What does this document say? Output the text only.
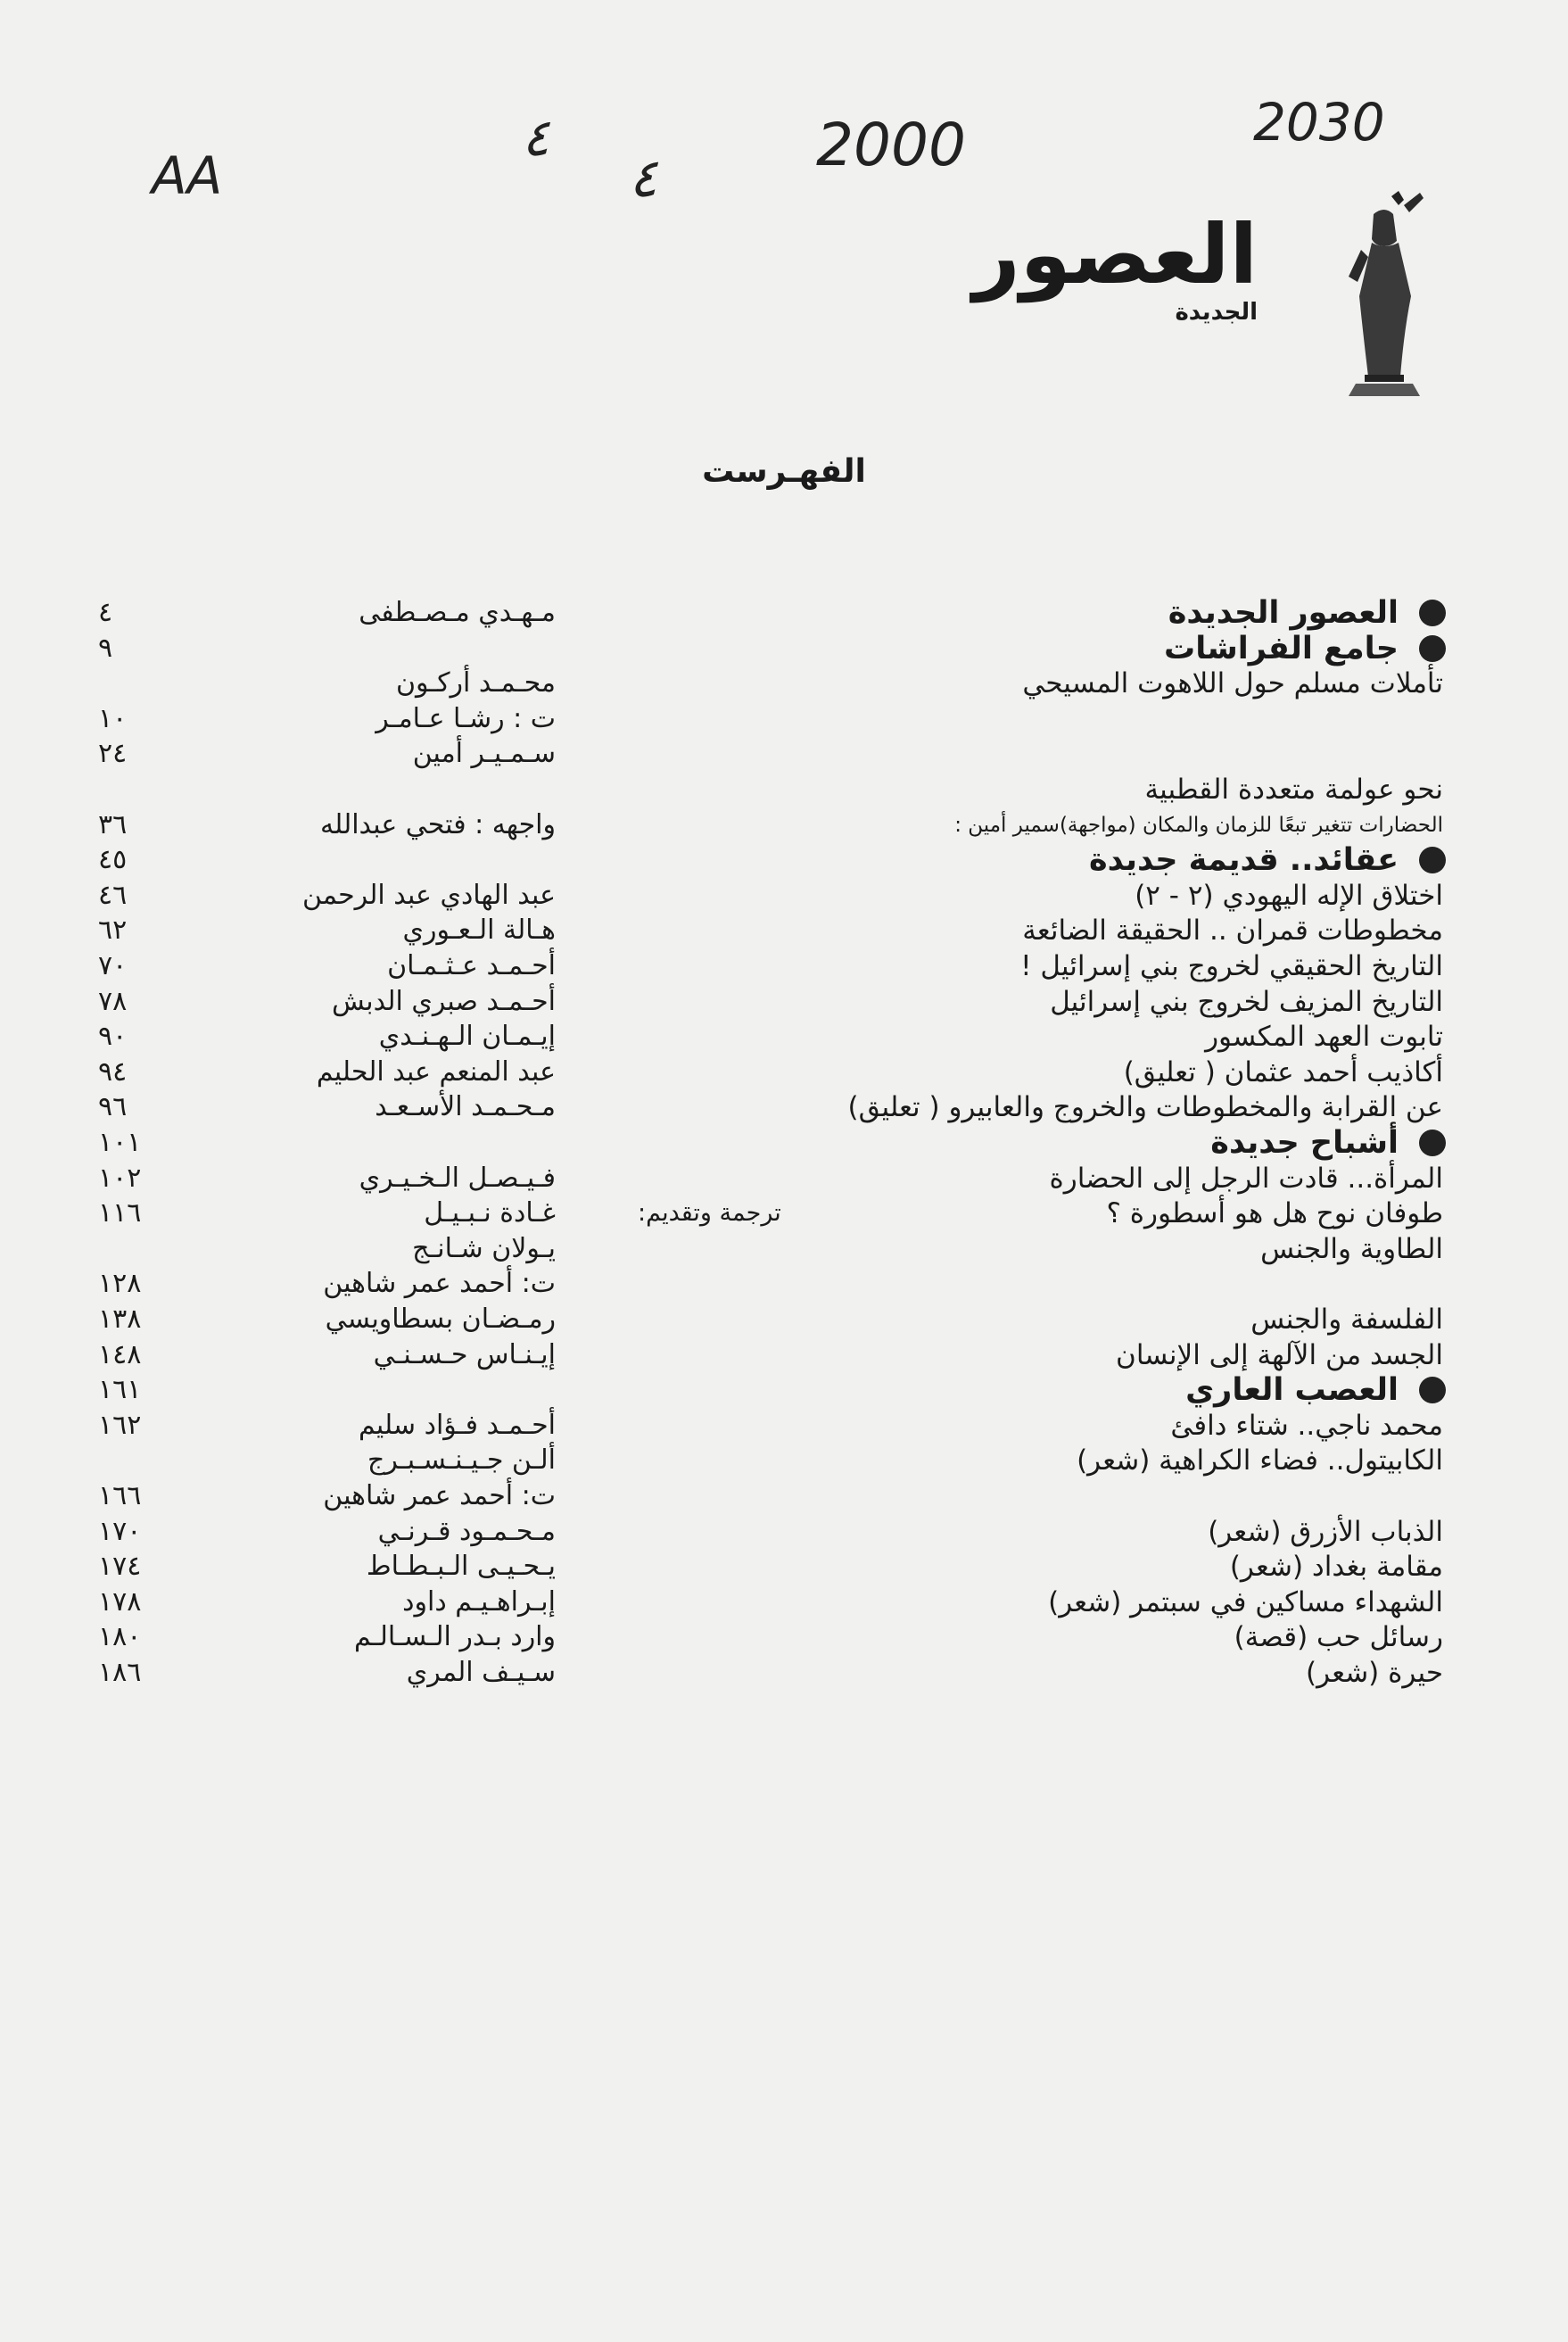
AA
٤
٤	2000	2030
العصور
الجديدة
الفهـرست
العصور الجديدة
مـهـدي مـصـطفى
٤
جامع الفراشات
٩
تأملات مسلم حول اللاهوت المسيحي
محـمـد أركـون
ت : رشـا عـامـر
١٠
سـمـيـر أمين
٢٤
نحو عولمة متعددة القطبية
الحضارات تتغير تبعًا للزمان والمكان (مواجهة)سمير أمين :
واجهه : فتحي عبدالله
٣٦
عقائد.. قديمة جديدة
٤٥
اختلاق الإله اليهودي (٢ - ٢)
عبد الهادي عبد الرحمن
٤٦
مخطوطات قمران .. الحقيقة الضائعة
هـالة الـعـوري
٦٢
التاريخ الحقيقي لخروج بني إسرائيل !
أحـمـد عـثـمـان
٧٠
التاريخ المزيف لخروج بني إسرائيل
أحـمـد صبري الدبش
٧٨
تابوت العهد المكسور
إيـمـان الـهـنـدي
٩٠
أكاذيب أحمد عثمان ( تعليق)
عبد المنعم عبد الحليم
٩٤
عن القرابة والمخطوطات والخروج والعابيرو ( تعليق)
مـحـمـد الأسـعـد
٩٦
أشباح جديدة
١٠١
المرأة... قادت الرجل إلى الحضارة
فـيـصـل الـخـيـري
١٠٢
طوفان نوح هل هو أسطورة ؟
ترجمة وتقديم:
غـادة نـبـيـل
١١٦
الطاوية والجنس
يـولان شـانـج
ت: أحمد عمر شاهين
١٢٨
الفلسفة والجنس
رمـضـان بسطاويسي
١٣٨
الجسد من الآلهة إلى الإنسان
إيـنـاس حـسـنـي
١٤٨
العصب العاري
١٦١
محمد ناجي.. شتاء دافئ
أحـمـد فـؤاد سليم
١٦٢
الكابيتول.. فضاء الكراهية (شعر)
ألـن جـيـنـسـبـرج
ت: أحمد عمر شاهين
١٦٦
الذباب الأزرق (شعر)
مـحـمـود قـرنـي
١٧٠
مقامة بغداد (شعر)
يـحـيـى الـبـطـاط
١٧٤
الشهداء مساكين في سبتمر (شعر)
إبـراهـيـم داود
١٧٨
رسائل حب (قصة)
وارد بـدر الـسـالـم
١٨٠
حيرة (شعر)
سـيـف المري
١٨٦
